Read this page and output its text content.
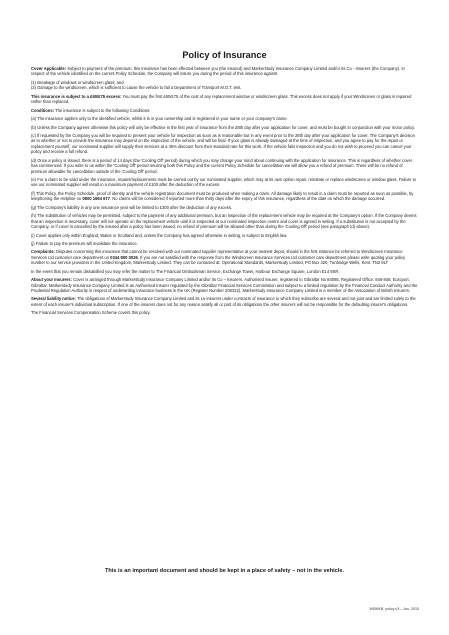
Policy of Insurance

Cover Applicable: Subject to payment of the premium, this insurance has been effected between you (the Insured) and Markerstudy Insurance Company Limited and/or its Co - Insurers (the Company). In respect of the vehicle identified on the current Policy Schedule, the Company will insure you during the period of this insurance against

(1) Breakage of windows or windscreen glass; and
(2) Damage to the windscreen, which is sufficient to cause the vehicle to fail a Department of Transport M.O.T. test.

This insurance is subject to a £60/£75 excess: You must pay the first £60/£75 of the cost of any replacement window or windscreen glass. This excess does not apply if your Windscreen or glass is repaired rather than replaced.

Conditions: The insurance is subject to the following Conditions:

(a) The insurance applies only to the identified vehicle, whilst it is in your ownership and is registered in your name or your company's name.

(b) Unless the Company agrees otherwise this policy will only be effective in the first year of insurance from the 28th day after your application for cover, and must be bought in conjunction with your motor policy.

(c) If requested by the Company you will be required to present your vehicle for inspection as soon as is reasonable but in any event prior to the 28th day after your application for cover. The Company's decision as to whether or not to provide the insurance may depend on the inspection of the vehicle, and will be final. If your glass is already damaged at the time of inspection, and you agree to pay for the repair or replacement yourself, our nominated supplier will supply their services at a 35% discount from their standard rate for this work. If the vehicle fails inspection and you do not wish to proceed you can cancel your policy and receive a full refund.

(d) Once a policy is issued, there is a period of 14 days (the 'Cooling Off' period) during which you may change your mind about continuing with the application for insurance. This is regardless of whether cover has commenced. If you write to us within the 'Cooling Off' period returning both this Policy and the current Policy Schedule for cancellation we will allow you a refund of premium. There will be no refund of premium allowable for cancellation outside of the 'Cooling Off' period.

(e) For a claim to be valid under the insurance, repairs/replacements must be carried out by our nominated supplier, which may at its own option repair, reinstate or replace windscreen or window glass. Failure to use our nominated supplier will result in a maximum payment of £100 after the deduction of the excess.

(f) This Policy, the Policy Schedule, proof of identity and the vehicle registration document must be produced when making a claim. All damage likely to result in a claim must be reported as soon as possible, by telephoning the Helpline on 0800 1694 677. No claims will be considered if reported more than thirty days after the expiry of this insurance, regardless of the date on which the damage occurred.

(g) The Company's liability in any one insurance year will be limited to £300 after the deduction of any excess.

(h) The substitution of vehicles may be permitted, subject to the payment of any additional premium, but an inspection of the replacement vehicle may be required at the Company's option. If the Company deems that an inspection is necessary, cover will not operate on the replacement vehicle until it is inspected at our nominated inspection centre and cover is agreed in writing. If a substitution is not accepted by the Company, or if cover is cancelled by the insured after a policy has been issued, no refund of premium will be allowed other than during the 'Cooling Off' period (see paragraph (d) above).

(i) Cover applies only within England, Wales or Scotland and, unless the Company has agreed otherwise in writing, is subject to English law.

(j) Failure to pay the premium will invalidate the insurance.

Complaints: Disputes concerning this insurance that cannot be resolved with our nominated supplier representative at your nearest depot, should in the first instance be referred to Windscreen Insurance Services Ltd customer care department on 0344 800 0026. If you are not satisfied with the response from the Windscreen Insurance Services Ltd customer care department please write quoting your policy number to our service providers in the United Kingdom, Markerstudy Limited. They can be contacted at: Operational Standards, Markerstudy Limited, PO Box 420, Tunbridge Wells, Kent. TN2 9LT

In the event that you remain dissatisfied you may refer the matter to The Financial Ombudsman Service, Exchange Tower, Harbour Exchange Square, London E14 9SR.

About your Insurers: Cover is arranged through Markerstudy Insurance Company Limited and/or its Co – Insurers. Authorised insurer, registered in Gibraltar No 84085. Registered Office: 846-848, Europort, Gibraltar. Markerstudy Insurance Company Limited is an Authorised Insurer regulated by the Gibraltar Financial Services Commission and subject to a limited regulation by the Financial Conduct Authority and the Prudential Regulation Authority in respect of underwriting insurance business in the UK (Register Number 206322). Markerstudy Insurance Company Limited is a member of the Association of British Insurers.

Several liability notice: The obligations of Markerstudy Insurance Company Limited and its co-insurers under contracts of insurance to which they subscribe are several and not joint and are limited solely to the extent of each insurer's individual subscription. If one of the insurers does not for any reason satisfy all or part of its obligations the other insurers will not be responsible for the defaulting insurer's obligations.

The Financial Services Compensation Scheme covers this policy.

This is an important document and should be kept in a place of safety – not in the vehicle.
MSWKB, policy v3 – Jun. 2015
